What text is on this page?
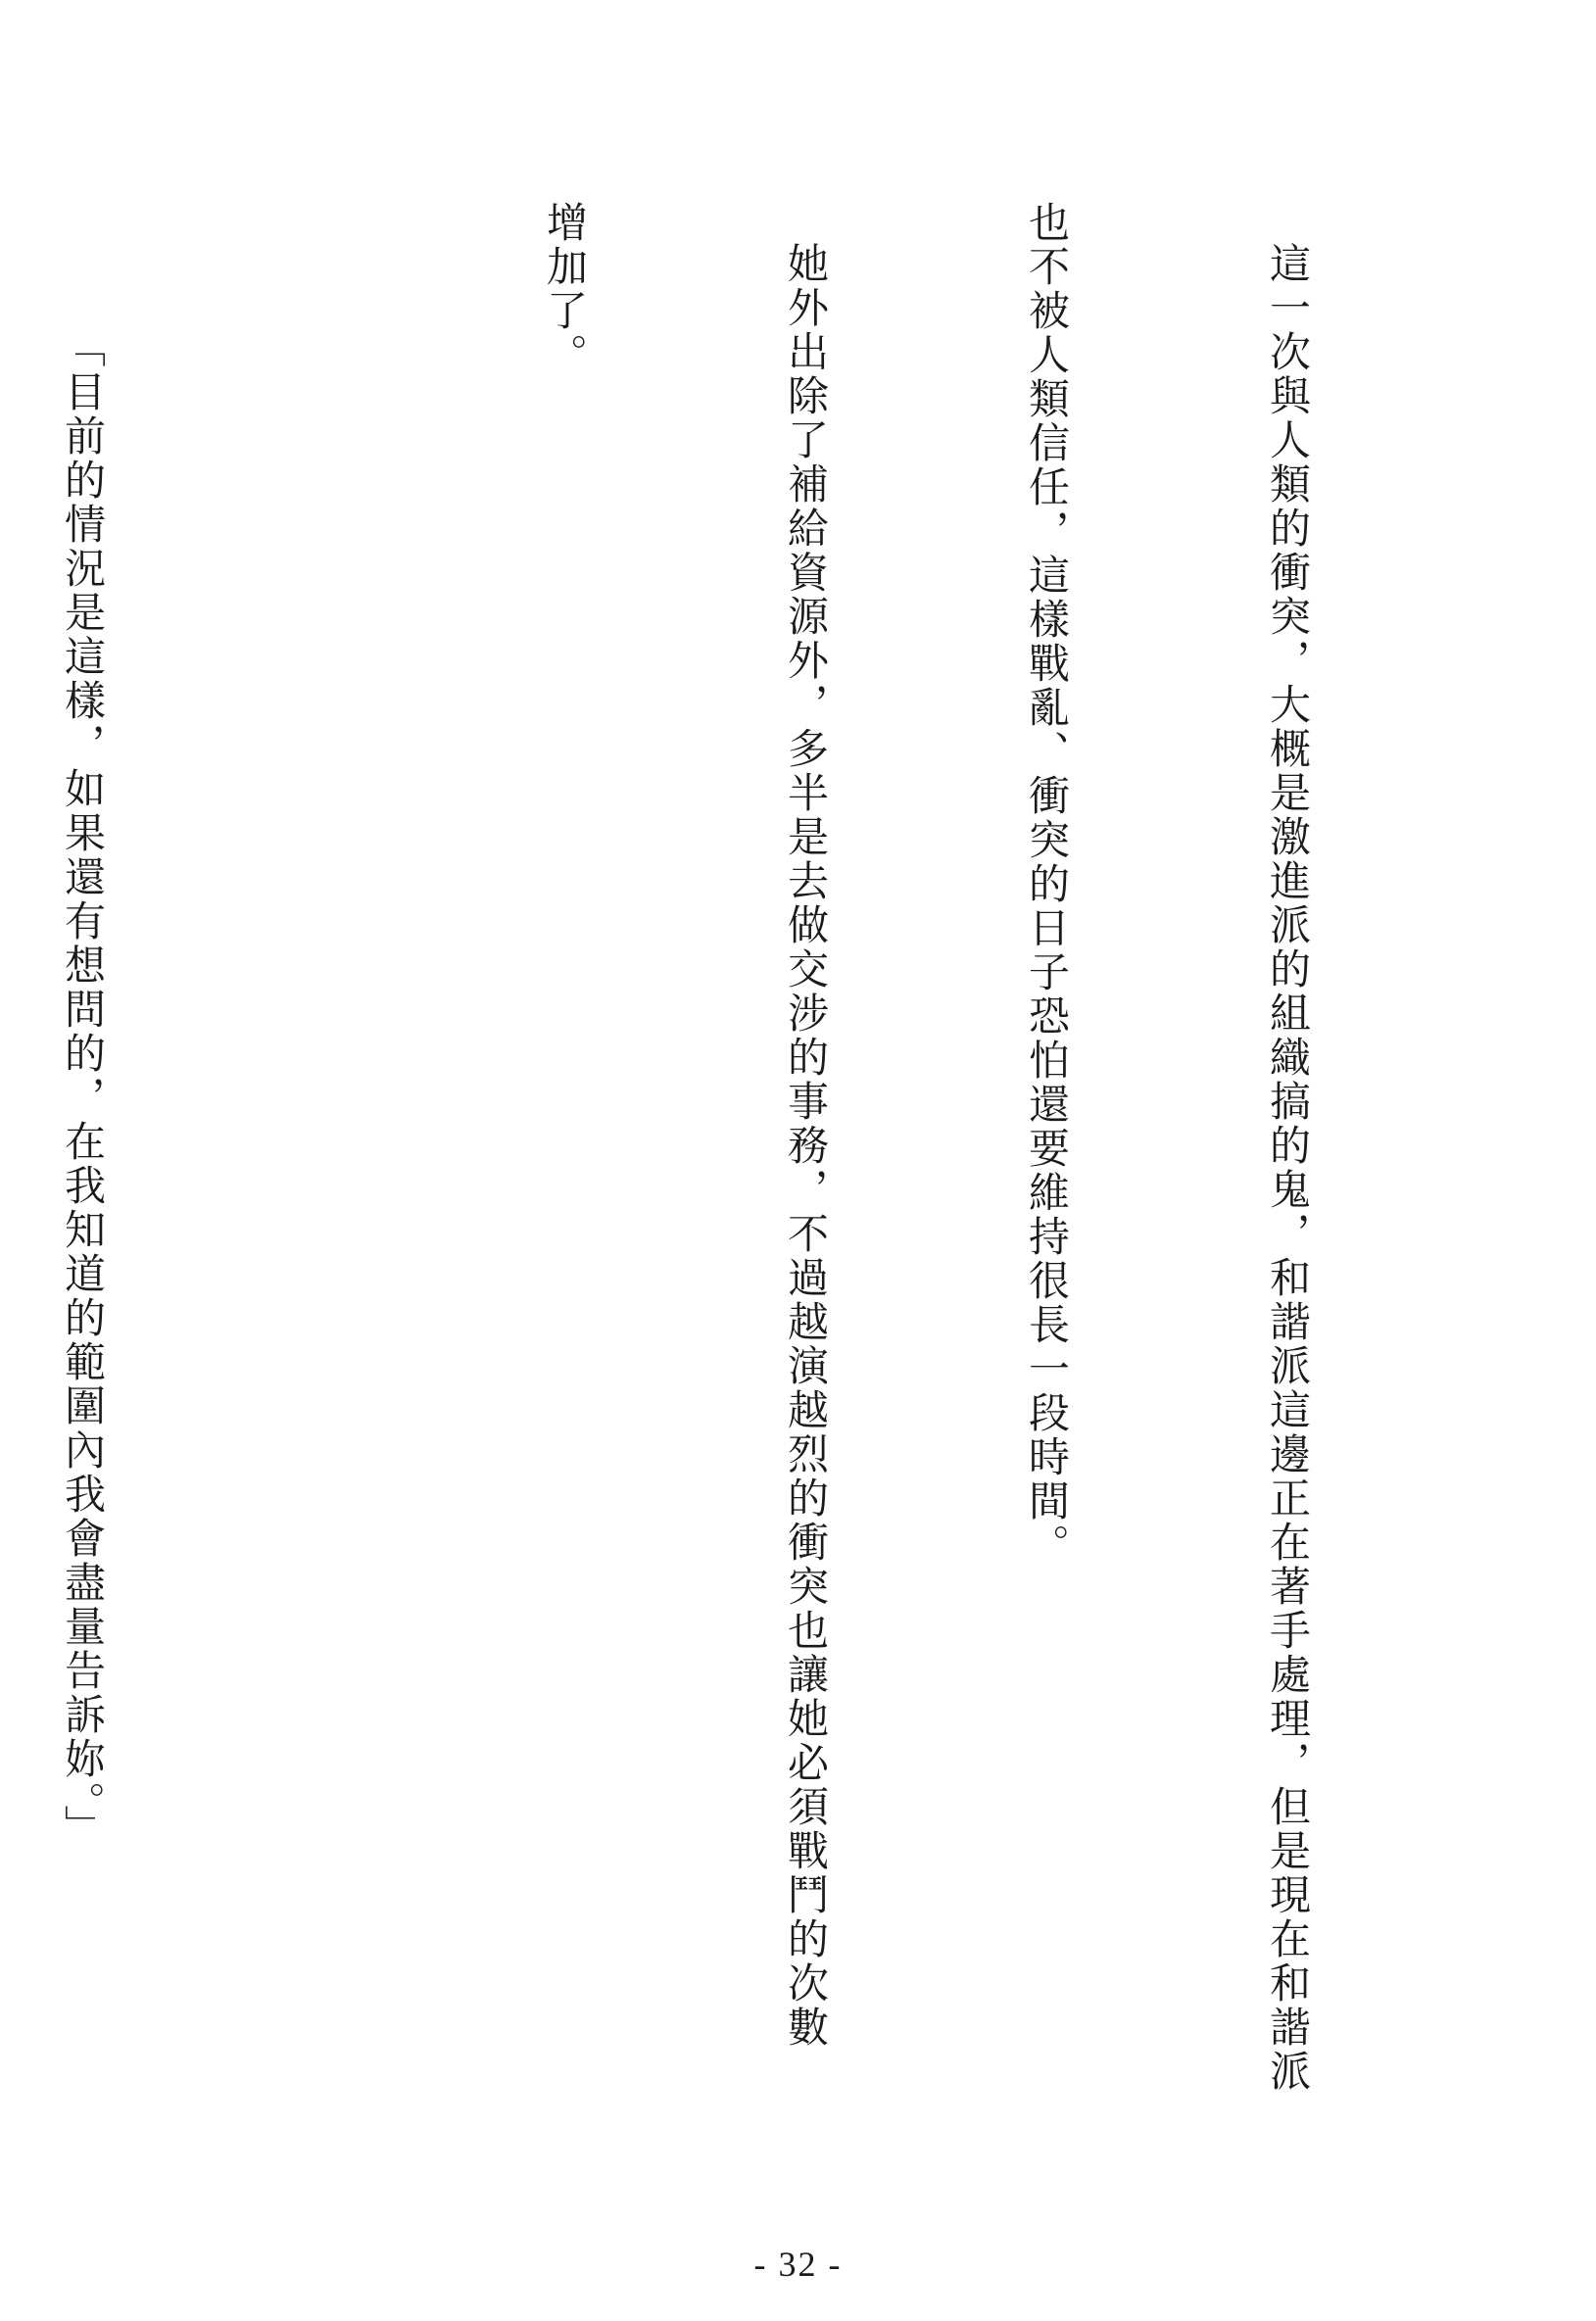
這一次與人類的衝突，大概是激進派的組織搞的鬼，和諧派這邊正在著手處理，但是現在和諧派

也不被人類信任，這樣戰亂、衝突的日子恐怕還要維持很長一段時間。

她外出除了補給資源外，多半是去做交涉的事務，不過越演越烈的衝突也讓她必須戰鬥的次數

增加了。

「目前的情況是這樣，如果還有想問的，在我知道的範圍內我會盡量告訴妳。」

- 32 -
